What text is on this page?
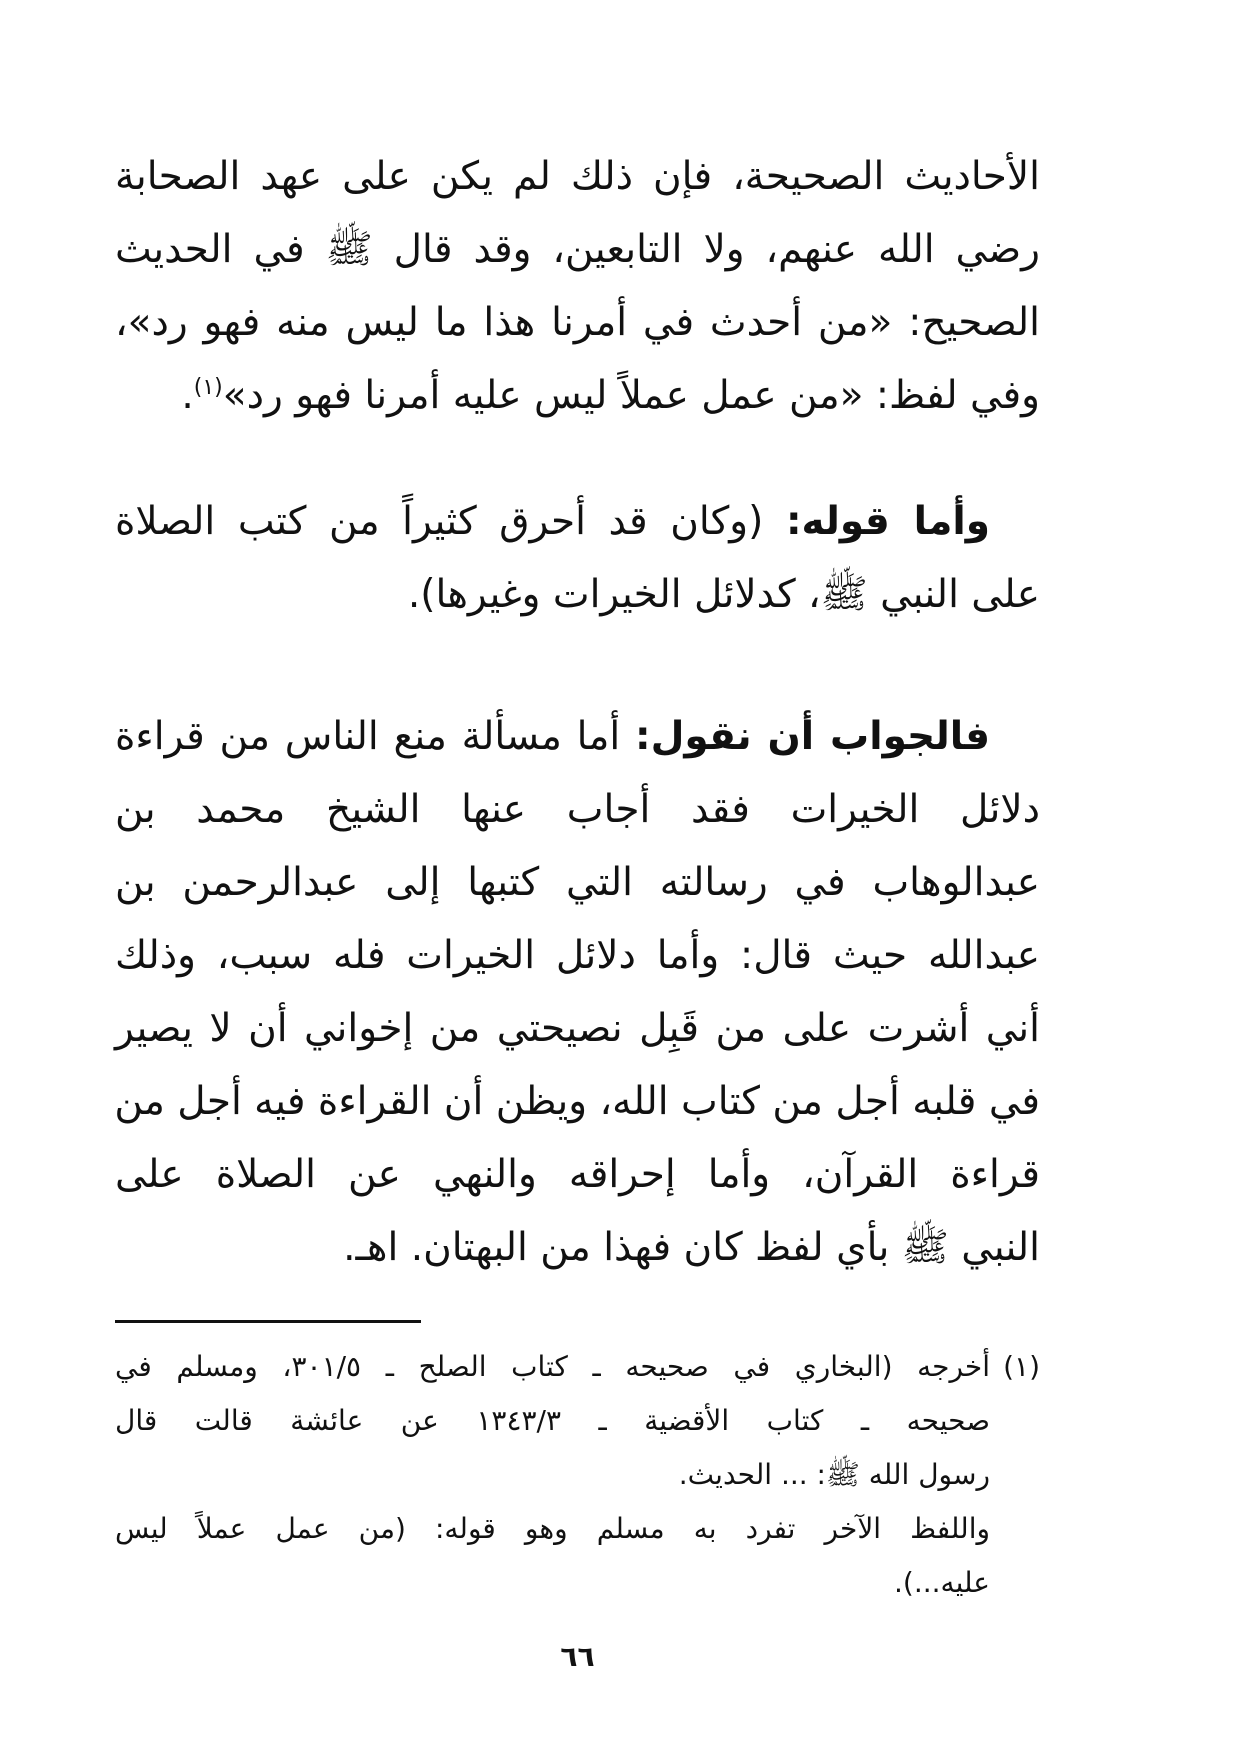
الأحاديث الصحيحة، فإن ذلك لم يكن على عهد الصحابة
رضي الله عنهم، ولا التابعين، وقد قال ﷺ في الحديث
الصحيح: «من أحدث في أمرنا هذا ما ليس منه فهو رد»،
وفي لفظ: «من عمل عملاً ليس عليه أمرنا فهو رد»$^{(١)}$.
وأما قوله: (وكان قد أحرق كثيراً من كتب الصلاة
على النبي ﷺ، كدلائل الخيرات وغيرها).
فالجواب أن نقول: أما مسألة منع الناس من قراءة
دلائل الخيرات فقد أجاب عنها الشيخ محمد بن
عبدالوهاب في رسالته التي كتبها إلى عبدالرحمن بن
عبدالله حيث قال: وأما دلائل الخيرات فله سبب، وذلك
أني أشرت على من قَبِل نصيحتي من إخواني أن لا يصير
في قلبه أجل من كتاب الله، ويظن أن القراءة فيه أجل من
قراءة القرآن، وأما إحراقه والنهي عن الصلاة على
النبي ﷺ بأي لفظ كان فهذا من البهتان. اهـ.
(١)
أخرجه (البخاري في صحيحه ـ كتاب الصلح ـ ٣٠١/٥، ومسلم في
صحيحه ـ كتاب الأقضية ـ ١٣٤٣/٣ عن عائشة قالت قال
رسول الله ﷺ: ... الحديث.
واللفظ الآخر تفرد به مسلم وهو قوله: (من عمل عملاً ليس
عليه...).
٦٦
